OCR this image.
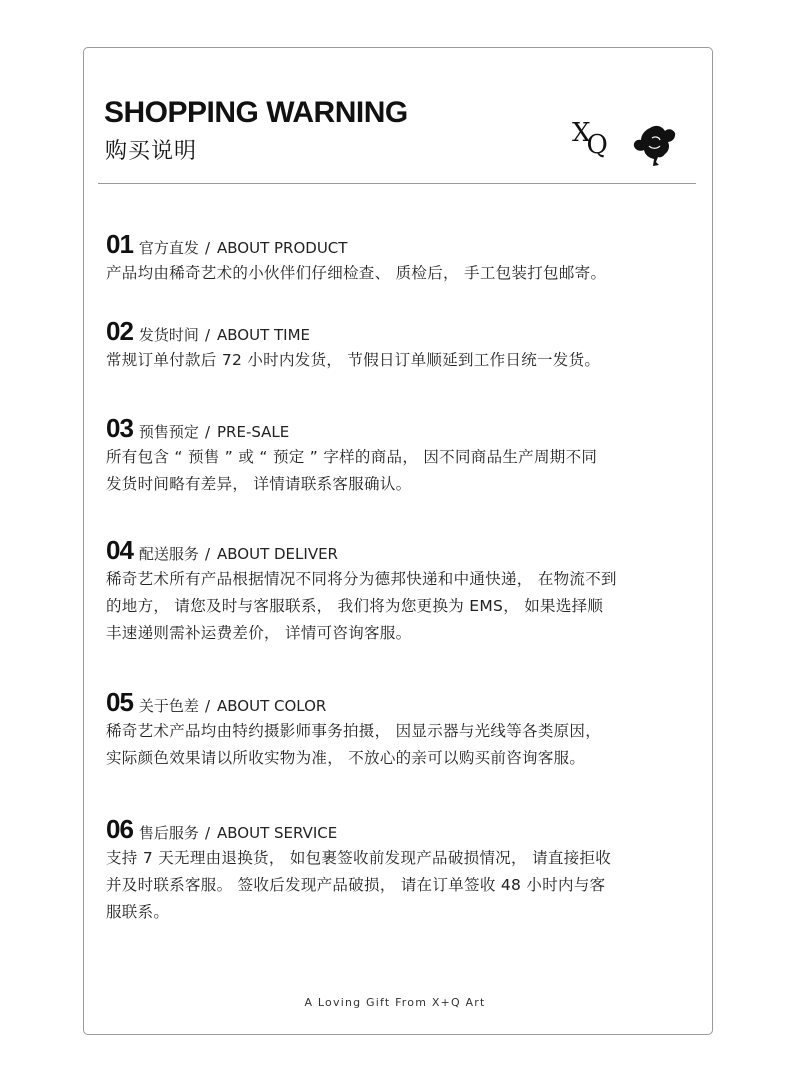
SHOPPING WARNING
购买说明
XQ
01 官方直发 / ABOUT PRODUCT
产品均由稀奇艺术的小伙伴们仔细检查、 质检后， 手工包装打包邮寄。
02 发货时间 / ABOUT TIME
常规订单付款后 72 小时内发货， 节假日订单顺延到工作日统一发货。
03 预售预定 / PRE-SALE
所有包含 “ 预售 ” 或 “ 预定 ” 字样的商品， 因不同商品生产周期不同
发货时间略有差异， 详情请联系客服确认。
04 配送服务 / ABOUT DELIVER
稀奇艺术所有产品根据情况不同将分为德邦快递和中通快递， 在物流不到
的地方， 请您及时与客服联系， 我们将为您更换为 EMS， 如果选择顺
丰速递则需补运费差价， 详情可咨询客服。
05 关于色差 / ABOUT COLOR
稀奇艺术产品均由特约摄影师事务拍摄， 因显示器与光线等各类原因，
实际颜色效果请以所收实物为准， 不放心的亲可以购买前咨询客服。
06 售后服务 / ABOUT SERVICE
支持 7 天无理由退换货， 如包裹签收前发现产品破损情况， 请直接拒收
并及时联系客服。 签收后发现产品破损， 请在订单签收 48 小时内与客
服联系。
A Loving Gift From X+Q Art
